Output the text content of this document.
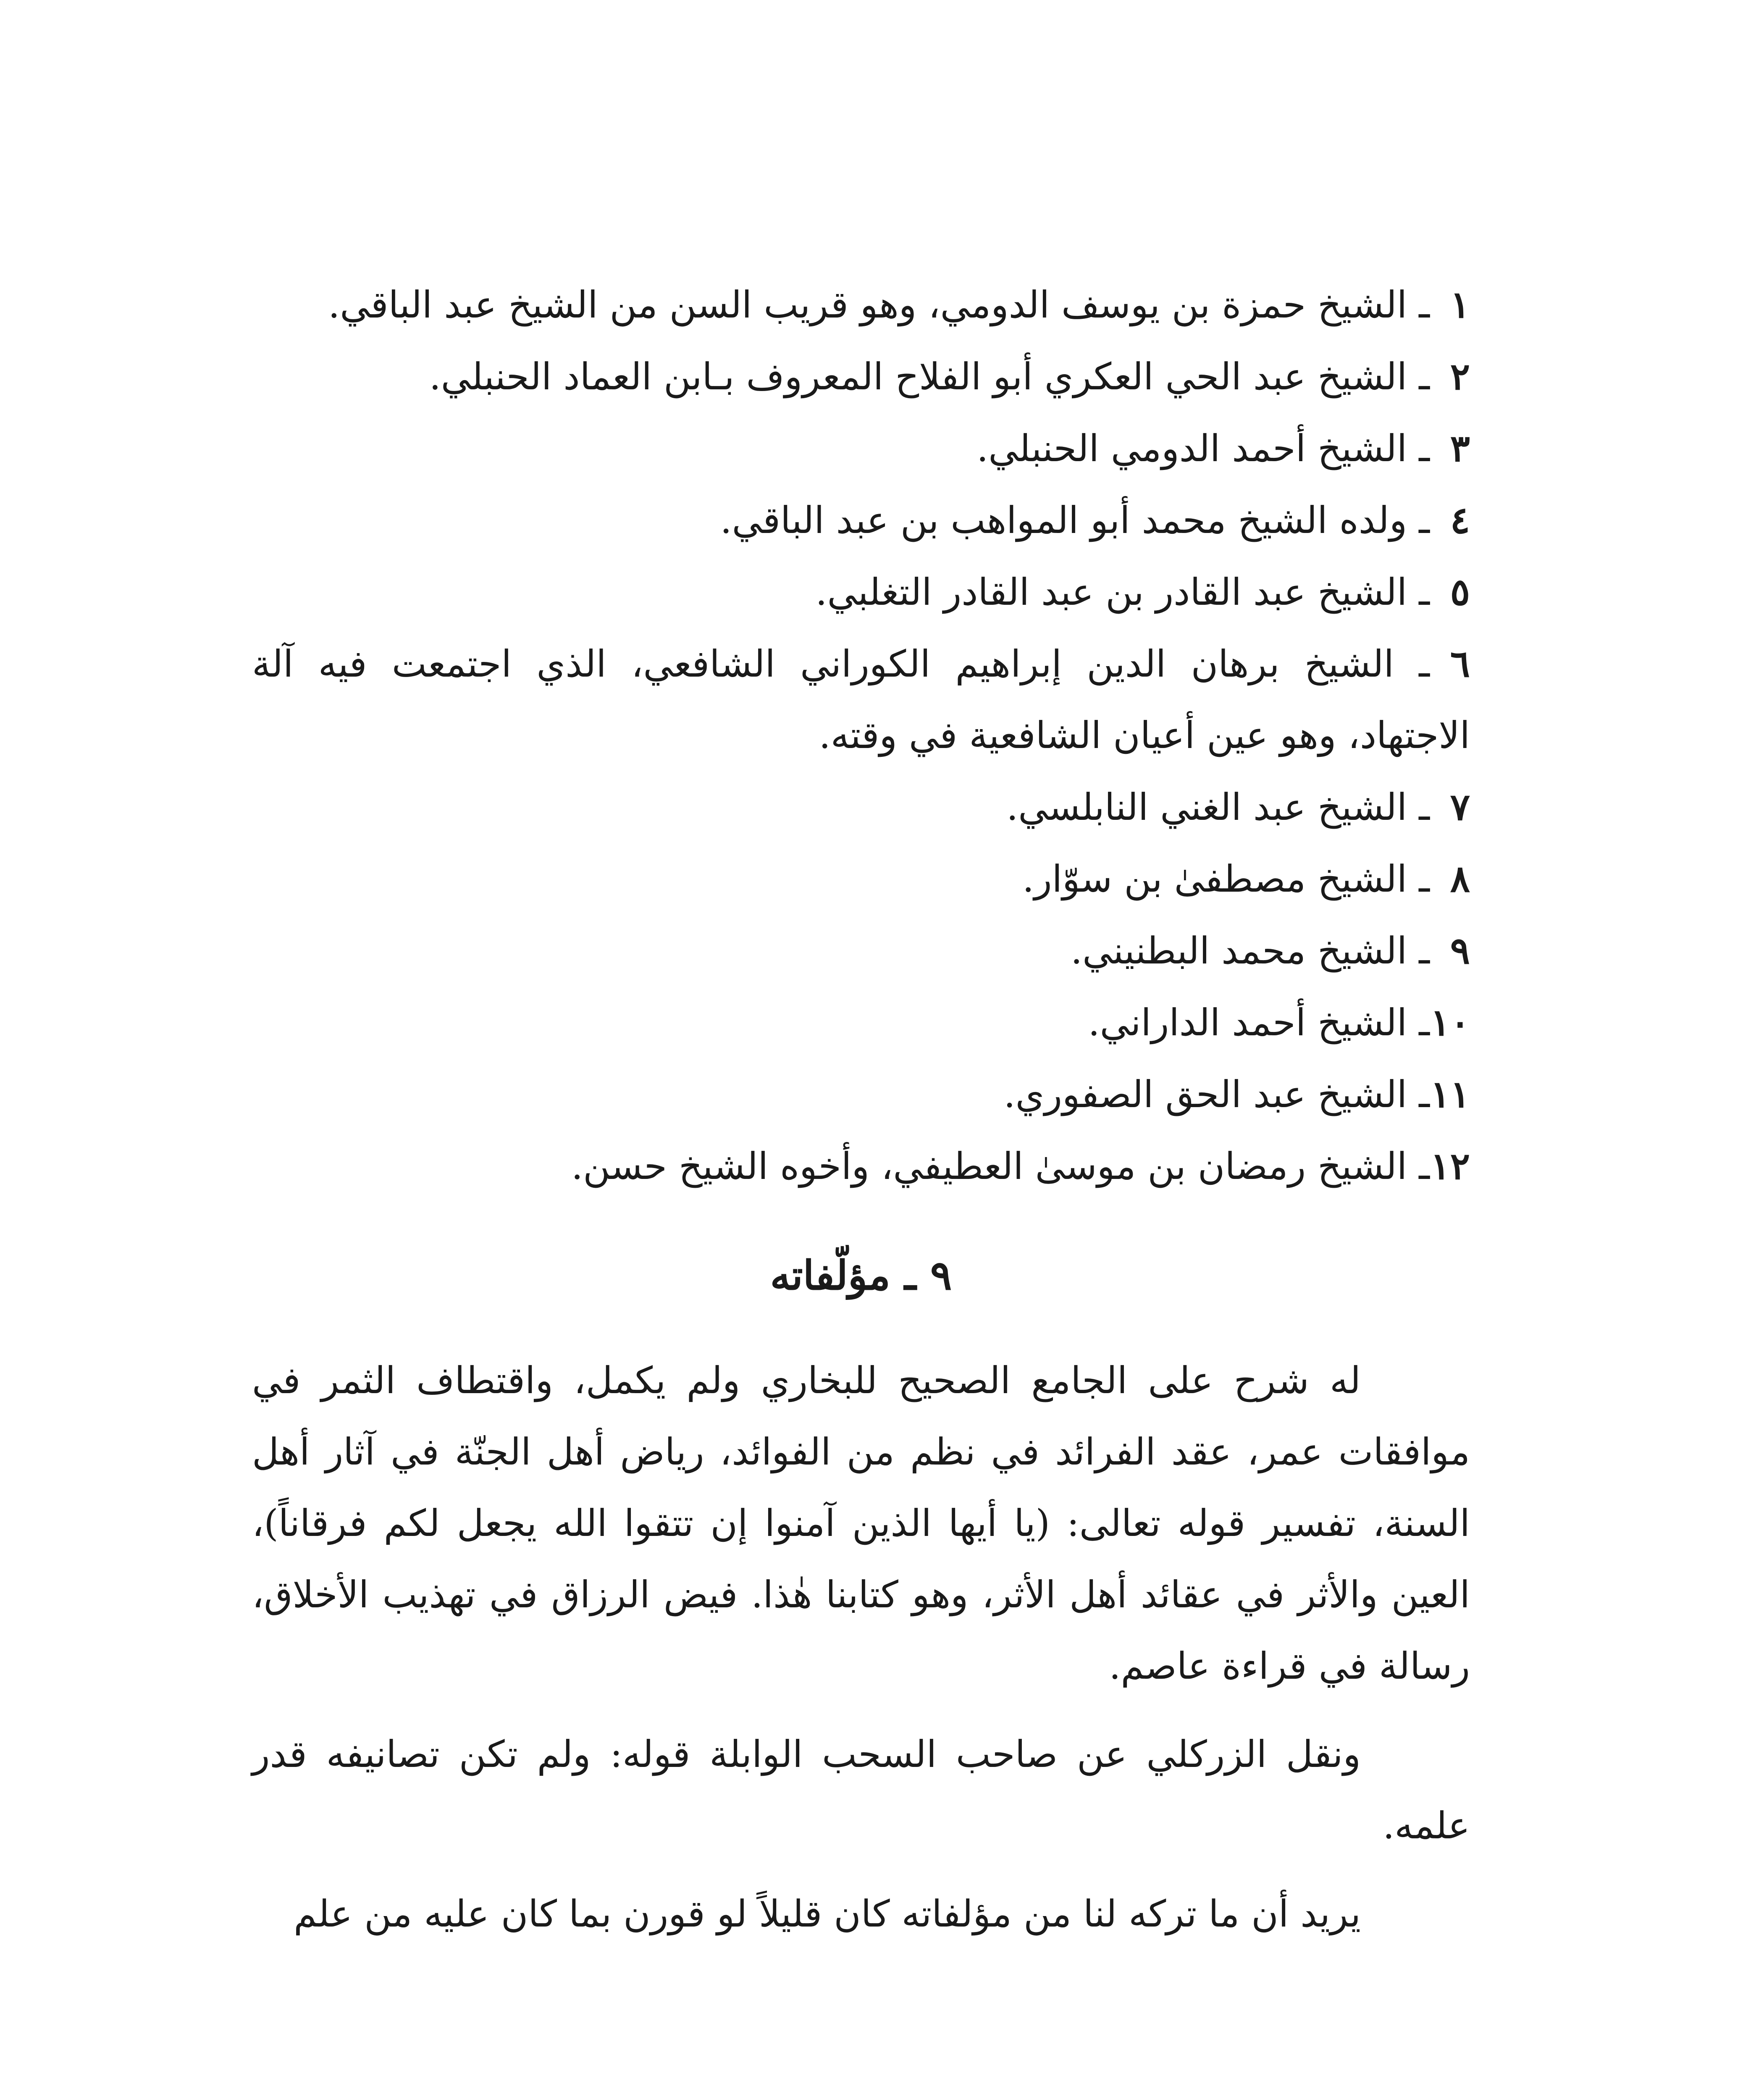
١ـ الشيخ حمزة بن يوسف الدومي، وهو قريب السن من الشيخ عبد الباقي.

٢ـ الشيخ عبد الحي العكري أبو الفلاح المعروف بـابن العماد الحنبلي.

٣ـ الشيخ أحمد الدومي الحنبلي.

٤ـ ولده الشيخ محمد أبو المواهب بن عبد الباقي.

٥ـ الشيخ عبد القادر بن عبد القادر التغلبي.

٦ـ الشيخ برهان الدين إبراهيم الكوراني الشافعي، الذي اجتمعت فيه آلة الاجتهاد، وهو عين أعيان الشافعية في وقته.

٧ـ الشيخ عبد الغني النابلسي.

٨ـ الشيخ مصطفىٰ بن سوّار.

٩ـ الشيخ محمد البطنيني.

١٠ـ الشيخ أحمد الداراني.

١١ـ الشيخ عبد الحق الصفوري.

١٢ـ الشيخ رمضان بن موسىٰ العطيفي، وأخوه الشيخ حسن.

٩ ـ مؤلّفاته

له شرح على الجامع الصحيح للبخاري ولم يكمل، واقتطاف الثمر في موافقات عمر، عقد الفرائد في نظم من الفوائد، رياض أهل الجنّة في آثار أهل السنة، تفسير قوله تعالى: (يا أيها الذين آمنوا إن تتقوا الله يجعل لكم فرقاناً)، العين والأثر في عقائد أهل الأثر، وهو كتابنا هٰذا. فيض الرزاق في تهذيب الأخلاق، رسالة في قراءة عاصم.

ونقل الزركلي عن صاحب السحب الوابلة قوله: ولم تكن تصانيفه قدر علمه.

يريد أن ما تركه لنا من مؤلفاته كان قليلاً لو قورن بما كان عليه من علم
